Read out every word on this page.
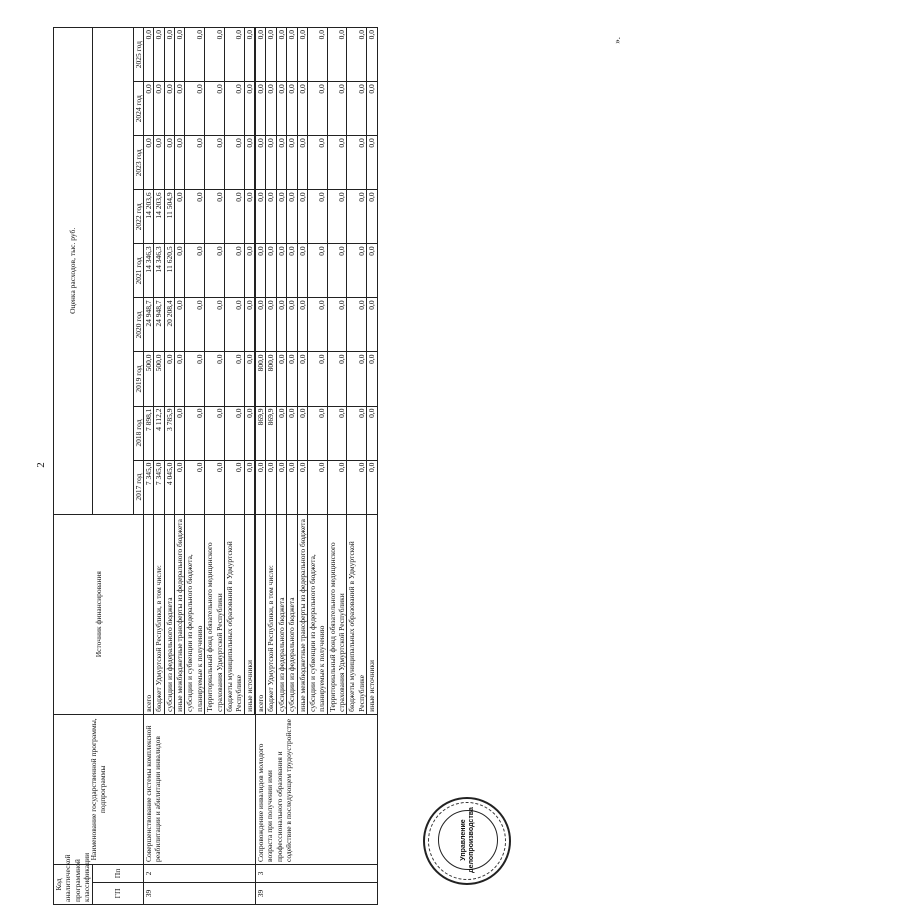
2
Код аналитической программной классификации		Наименование государственной программы, подпрограммы	Источник финансирования	Оценка расходов, тыс. руб.								
ГП	Пп											
				2017 год	2018 год	2019 год	2020 год	2021 год	2022 год	2023 год	2024 год	2025 год
39	2	Совершенствование системы комплексной реабилитации и абилитации инвалидов	всего	7 345,0	7 898,1	500,0	24 948,7	14 346,3	14 203,6	0,0	0,0	0,0
			бюджет Удмуртской Республики, в том числе:	7 345,0	4 112,2	500,0	24 948,7	14 346,3	14 203,6	0,0	0,0	0,0
			субсидии из федерального бюджета	4 045,0	3 785,9	0,0	20 208,4	11 620,5	11 504,9	0,0	0,0	0,0
			иные межбюджетные трансферты из федерального бюджета	0,0	0,0	0,0	0,0	0,0	0,0	0,0	0,0	0,0
			субсидии и субвенции из федерального бюджета, планируемые к получению	0,0	0,0	0,0	0,0	0,0	0,0	0,0	0,0	0,0
			Территориальный фонд обязательного медицинского страхования Удмуртской Республики	0,0	0,0	0,0	0,0	0,0	0,0	0,0	0,0	0,0
			бюджеты муниципальных образований в Удмуртской Республике	0,0	0,0	0,0	0,0	0,0	0,0	0,0	0,0	0,0
			иные источники	0,0	0,0	0,0	0,0	0,0	0,0	0,0	0,0	0,0

39	3	Сопровождение инвалидов молодого возраста при получении ими профессионального образования и содействие в последующем трудоустройстве	всего	0,0	869,9	800,0	0,0	0,0	0,0	0,0	0,0	0,0
			бюджет Удмуртской Республики, в том числе:	0,0	869,9	800,0	0,0	0,0	0,0	0,0	0,0	0,0
			субсидии из федерального бюджета	0,0	0,0	0,0	0,0	0,0	0,0	0,0	0,0	0,0
			субсидии из федерального бюджета	0,0	0,0	0,0	0,0	0,0	0,0	0,0	0,0	0,0
			иные межбюджетные трансферты из федерального бюджета	0,0	0,0	0,0	0,0	0,0	0,0	0,0	0,0	0,0
			субсидии и субвенции из федерального бюджета, планируемые к получению	0,0	0,0	0,0	0,0	0,0	0,0	0,0	0,0	0,0
			Территориальный фонд обязательного медицинского страхования Удмуртской Республики	0,0	0,0	0,0	0,0	0,0	0,0	0,0	0,0	0,0
			бюджеты муниципальных образований в Удмуртской Республике	0,0	0,0	0,0	0,0	0,0	0,0	0,0	0,0	0,0
			иные источники	0,0	0,0	0,0	0,0	0,0	0,0	0,0	0,0	0,0
Управление делопроизводства
».
